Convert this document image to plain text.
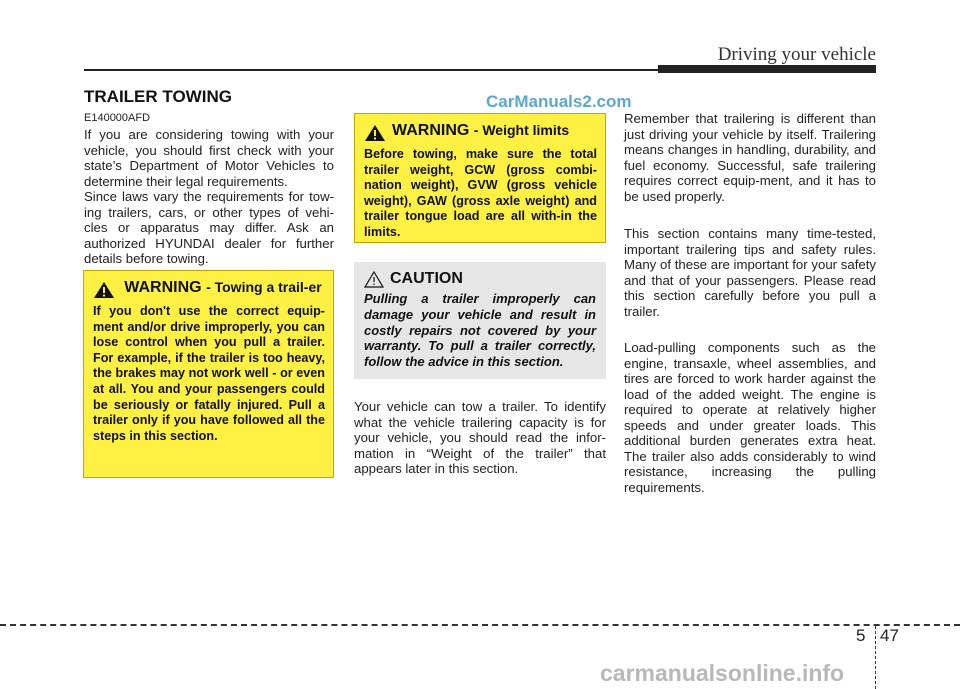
Driving your vehicle
TRAILER TOWING	CarManuals2.com
E140000AFD

If you are considering towing with your vehicle, you should first check with your state’s Department of Motor Vehicles to determine their legal requirements.

Since laws vary the requirements for tow-ing trailers, cars, or other types of vehi-cles or apparatus may differ. Ask an authorized HYUNDAI dealer for further details before towing.

WARNING - Towing a trail-er

If you don't use the correct equip-ment and/or drive improperly, you can lose control when you pull a trailer. For example, if the trailer is too heavy, the brakes may not work well - or even at all. You and your passengers could be seriously or fatally injured. Pull a trailer only if you have followed all the steps in this section.

WARNING - Weight limits

Before towing, make sure the total trailer weight, GCW (gross combi-nation weight), GVW (gross vehicle weight), GAW (gross axle weight) and trailer tongue load are all with-in the limits.

CAUTION

Pulling a trailer improperly can damage your vehicle and result in costly repairs not covered by your warranty. To pull a trailer correctly, follow the advice in this section.

Your vehicle can tow a trailer. To identify what the vehicle trailering capacity is for your vehicle, you should read the infor-mation in “Weight of the trailer” that appears later in this section.

Remember that trailering is different than just driving your vehicle by itself. Trailering means changes in handling, durability, and fuel economy. Successful, safe trailering requires correct equip-ment, and it has to be used properly.

This section contains many time-tested, important trailering tips and safety rules. Many of these are important for your safety and that of your passengers. Please read this section carefully before you pull a trailer.

Load-pulling components such as the engine, transaxle, wheel assemblies, and tires are forced to work harder against the load of the added weight. The engine is required to operate at relatively higher speeds and under greater loads. This additional burden generates extra heat. The trailer also adds considerably to wind resistance, increasing the pulling requirements.

5 47
carmanualsonline.info
